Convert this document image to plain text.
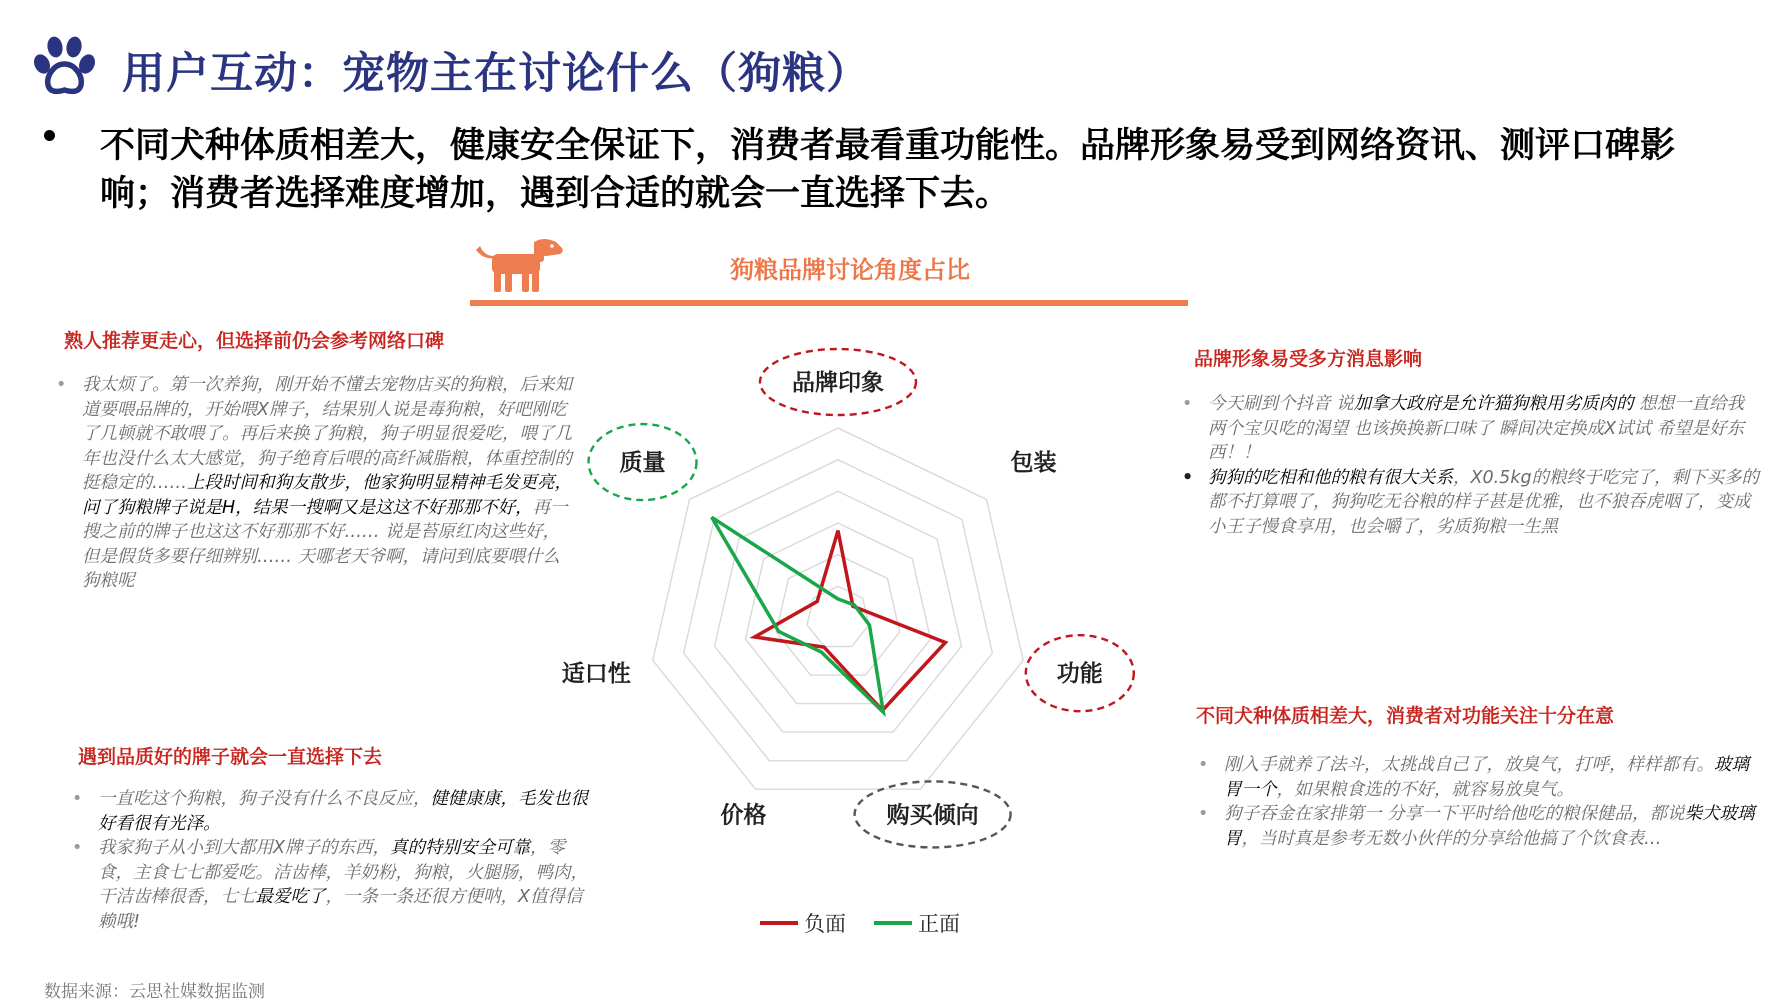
用户互动：宠物主在讨论什么（狗粮）
不同犬种体质相差大，健康安全保证下，消费者最看重功能性。品牌形象易受到网络资讯、测评口碑影响；消费者选择难度增加，遇到合适的就会一直选择下去。
狗粮品牌讨论角度占比
熟人推荐更走心，但选择前仍会参考网络口碑
• 我太烦了。第一次养狗，刚开始不懂去宠物店买的狗粮，后来知道要喂品牌的，开始喂X牌子，结果别人说是毒狗粮，好吧刚吃了几顿就不敢喂了。再后来换了狗粮，狗子明显很爱吃，喂了几年也没什么太大感觉，狗子绝育后喂的高纤减脂粮，体重控制的挺稳定的……上段时间和狗友散步，他家狗明显精神毛发更亮，问了狗粮牌子说是H，结果一搜啊又是这这不好那那不好，再一搜之前的牌子也这这不好那那不好…… 说是苔原红肉这些好，但是假货多要仔细辨别…… 天哪老天爷啊，请问到底要喂什么狗粮呢
遇到品质好的牌子就会一直选择下去
• 一直吃这个狗粮，狗子没有什么不良反应，健健康康，毛发也很好看很有光泽。
• 我家狗子从小到大都用X牌子的东西，真的特别安全可靠，零食，主食七七都爱吃。洁齿棒，羊奶粉，狗粮，火腿肠，鸭肉，干洁齿棒很香，七七最爱吃了，一条一条还很方便呐，X值得信赖哦!
品牌形象易受多方消息影响
• 今天刷到个抖音 说加拿大政府是允许猫狗粮用劣质肉的 想想一直给我两个宝贝吃的渴望 也该换换新口味了 瞬间决定换成X试试 希望是好东西！！
• 狗狗的吃相和他的粮有很大关系，X0.5kg的粮终于吃完了，剩下买多的都不打算喂了，狗狗吃无谷粮的样子甚是优雅，也不狼吞虎咽了，变成小王子慢食享用，也会嚼了，劣质狗粮一生黑
不同犬种体质相差大，消费者对功能关注十分在意
• 刚入手就养了法斗，太挑战自己了，放臭气，打呼，样样都有。玻璃胃一个，如果粮食选的不好，就容易放臭气。
• 狗子吞金在家排第一 分享一下平时给他吃的粮保健品，都说柴犬玻璃胃，当时真是参考无数小伙伴的分享给他搞了个饮食表…
品牌印象
包装
功能
购买倾向
价格
适口性
质量
负面	正面
数据来源：云思社媒数据监测
